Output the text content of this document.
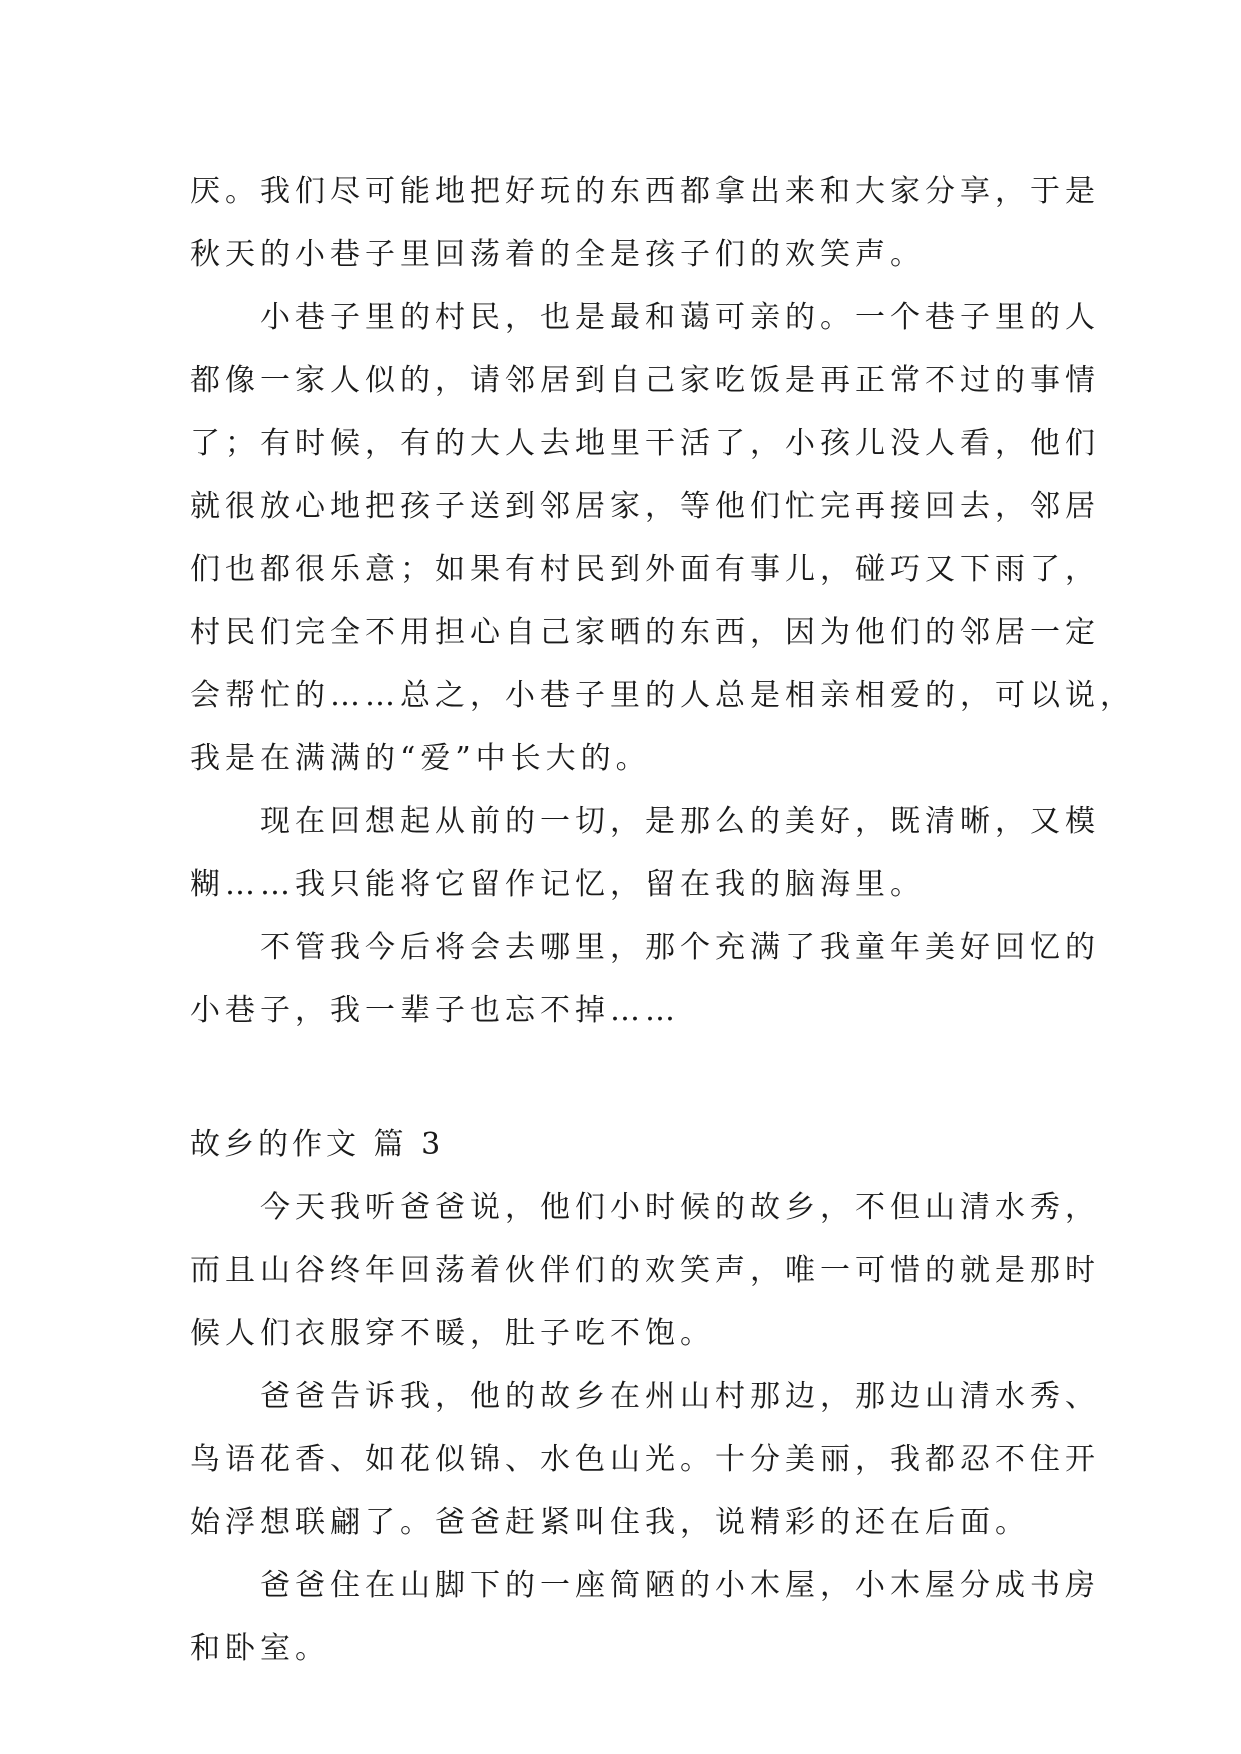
厌。我们尽可能地把好玩的东西都拿出来和大家分享，于是
秋天的小巷子里回荡着的全是孩子们的欢笑声。
小巷子里的村民，也是最和蔼可亲的。一个巷子里的人
都像一家人似的，请邻居到自己家吃饭是再正常不过的事情
了；有时候，有的大人去地里干活了，小孩儿没人看，他们
就很放心地把孩子送到邻居家，等他们忙完再接回去，邻居
们也都很乐意；如果有村民到外面有事儿，碰巧又下雨了，
村民们完全不用担心自己家晒的东西，因为他们的邻居一定
会帮忙的……总之，小巷子里的人总是相亲相爱的，可以说，
我是在满满的“爱”中长大的。
现在回想起从前的一切，是那么的美好，既清晰，又模
糊……我只能将它留作记忆，留在我的脑海里。
不管我今后将会去哪里，那个充满了我童年美好回忆的
小巷子，我一辈子也忘不掉……
故乡的作文 篇 3
今天我听爸爸说，他们小时候的故乡，不但山清水秀，
而且山谷终年回荡着伙伴们的欢笑声，唯一可惜的就是那时
候人们衣服穿不暖，肚子吃不饱。
爸爸告诉我，他的故乡在州山村那边，那边山清水秀、
鸟语花香、如花似锦、水色山光。十分美丽，我都忍不住开
始浮想联翩了。爸爸赶紧叫住我，说精彩的还在后面。
爸爸住在山脚下的一座简陋的小木屋，小木屋分成书房
和卧室。
